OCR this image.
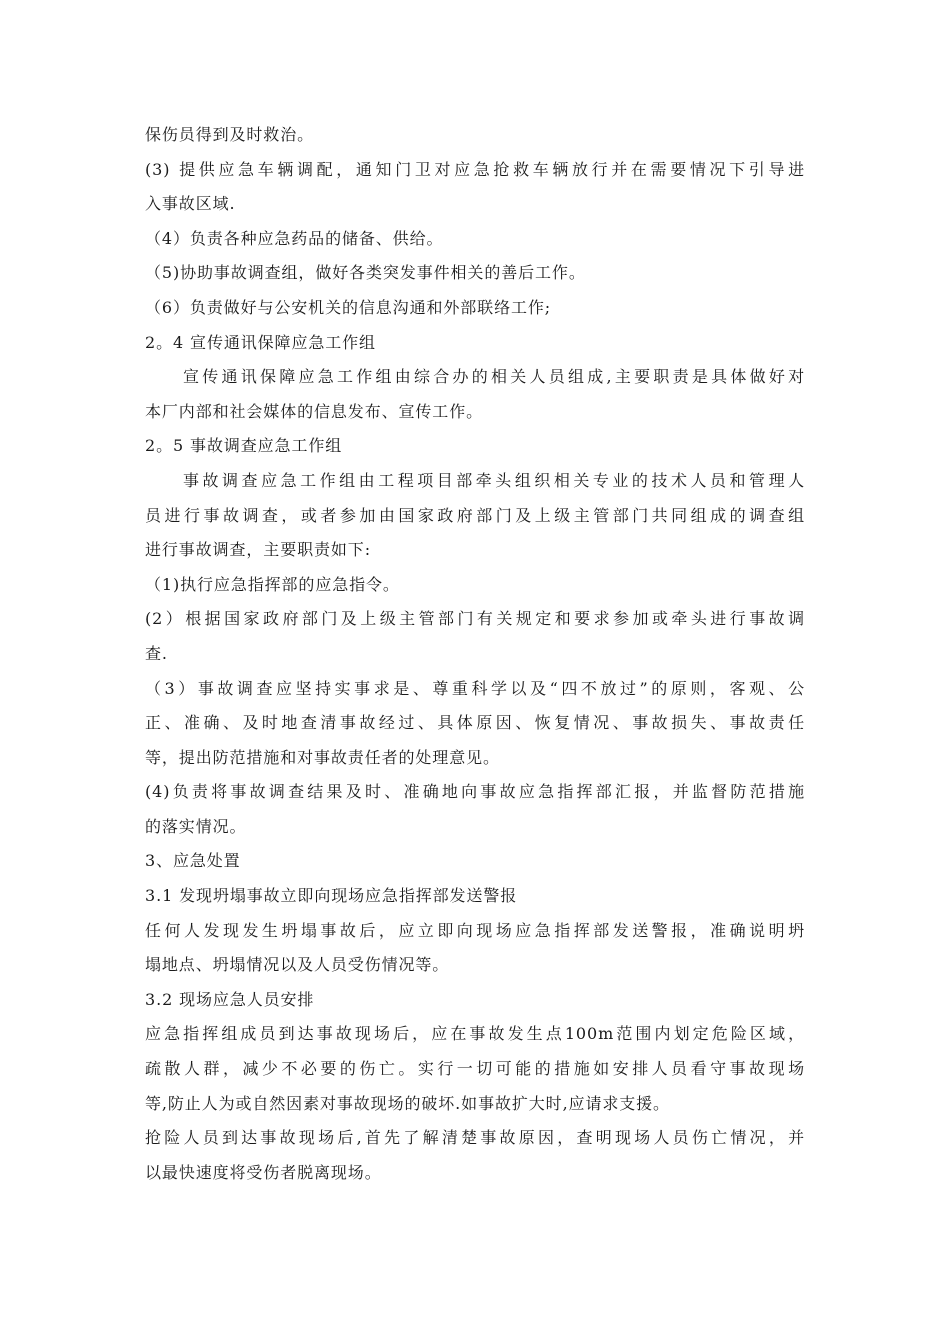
保伤员得到及时救治。
(3) 提供应急车辆调配，通知门卫对应急抢救车辆放行并在需要情况下引导进
入事故区域.
（4）负责各种应急药品的储备、供给。
（5)协助事故调查组，做好各类突发事件相关的善后工作。
（6）负责做好与公安机关的信息沟通和外部联络工作;
2。4 宣传通讯保障应急工作组
宣传通讯保障应急工作组由综合办的相关人员组成,主要职责是具体做好对
本厂内部和社会媒体的信息发布、宣传工作。
2。5 事故调查应急工作组
事故调查应急工作组由工程项目部牵头组织相关专业的技术人员和管理人
员进行事故调查，或者参加由国家政府部门及上级主管部门共同组成的调查组
进行事故调查，主要职责如下:
（1)执行应急指挥部的应急指令。
(2）根据国家政府部门及上级主管部门有关规定和要求参加或牵头进行事故调
查.
（3）事故调查应坚持实事求是、尊重科学以及“四不放过”的原则，客观、公
正、准确、及时地查清事故经过、具体原因、恢复情况、事故损失、事故责任
等，提出防范措施和对事故责任者的处理意见。
(4)负责将事故调查结果及时、准确地向事故应急指挥部汇报，并监督防范措施
的落实情况。
3、应急处置
3.1 发现坍塌事故立即向现场应急指挥部发送警报
任何人发现发生坍塌事故后，应立即向现场应急指挥部发送警报，准确说明坍
塌地点、坍塌情况以及人员受伤情况等。
3.2 现场应急人员安排
应急指挥组成员到达事故现场后，应在事故发生点100m范围内划定危险区域，
疏散人群，减少不必要的伤亡。实行一切可能的措施如安排人员看守事故现场
等,防止人为或自然因素对事故现场的破坏.如事故扩大时,应请求支援。
抢险人员到达事故现场后,首先了解清楚事故原因，查明现场人员伤亡情况，并
以最快速度将受伤者脱离现场。
